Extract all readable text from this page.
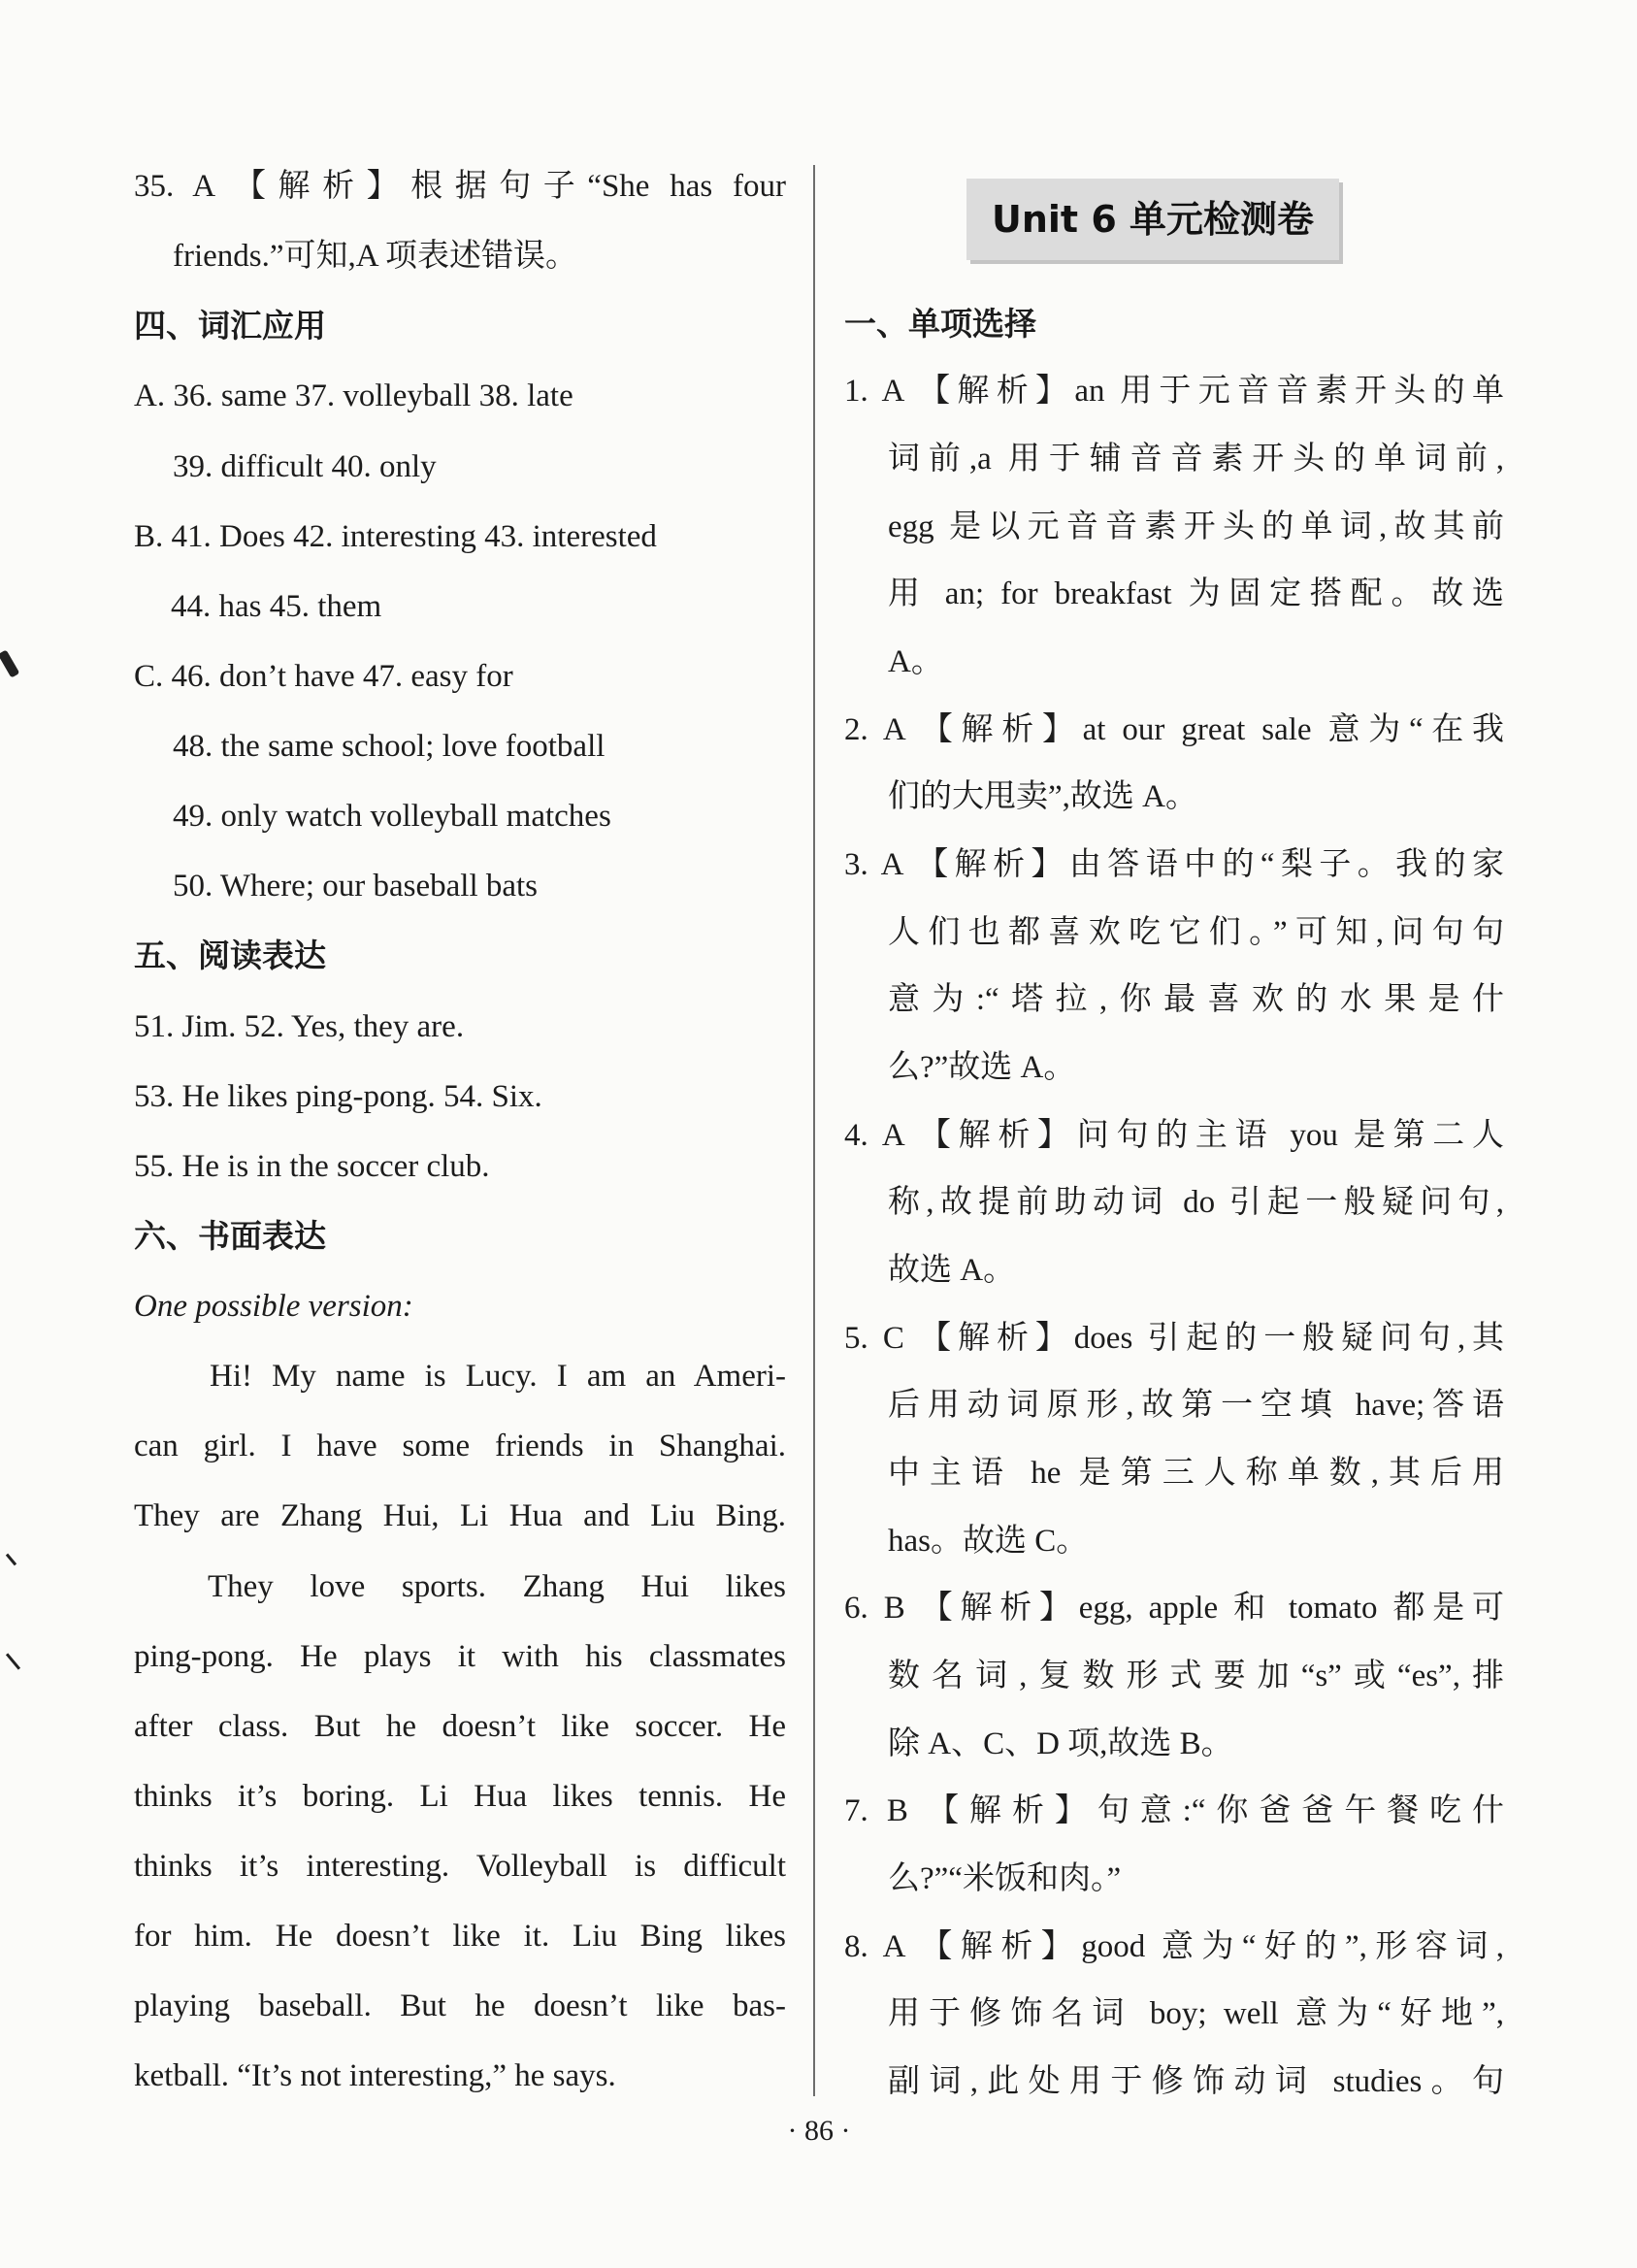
35. A 【解析】根据句子“She has four
friends.”可知,A 项表述错误。
四、词汇应用
A. 36. same 37. volleyball 38. late
39. difficult 40. only
B. 41. Does 42. interesting 43. interested
44. has 45. them
C. 46. don’t have 47. easy for
48. the same school; love football
49. only watch volleyball matches
50. Where; our baseball bats
五、阅读表达
51. Jim. 52. Yes, they are.
53. He likes ping-pong. 54. Six.
55. He is in the soccer club.
六、书面表达
One possible version:
Hi! My name is Lucy. I am an Ameri-
can girl. I have some friends in Shanghai.
They are Zhang Hui, Li Hua and Liu Bing.
They love sports. Zhang Hui likes
ping-pong. He plays it with his classmates
after class. But he doesn’t like soccer. He
thinks it’s boring. Li Hua likes tennis. He
thinks it’s interesting. Volleyball is difficult
for him. He doesn’t like it. Liu Bing likes
playing baseball. But he doesn’t like bas-
ketball. “It’s not interesting,” he says.
Unit 6 单元检测卷
一、单项选择
1. A 【解析】an 用于元音音素开头的单
词前,a 用于辅音音素开头的单词前,
egg 是以元音音素开头的单词,故其前
用 an; for breakfast 为固定搭配。故选
A。
2. A 【解析】at our great sale 意为“在我
们的大甩卖”,故选 A。
3. A 【解析】由答语中的“梨子。我的家
人们也都喜欢吃它们。”可知,问句句
意为:“塔拉,你最喜欢的水果是什
么?”故选 A。
4. A 【解析】问句的主语 you 是第二人
称,故提前助动词 do 引起一般疑问句,
故选 A。
5. C 【解析】does 引起的一般疑问句,其
后用动词原形,故第一空填 have;答语
中主语 he 是第三人称单数,其后用
has。故选 C。
6. B 【解析】egg, apple 和 tomato 都是可
数名词,复数形式要加“s”或“es”,排
除 A、C、D 项,故选 B。
7. B 【解析】句意:“你爸爸午餐吃什
么?”“米饭和肉。”
8. A 【解析】good 意为“好的”,形容词,
用于修饰名词 boy; well 意为“好地”,
副词,此处用于修饰动词 studies。句
· 86 ·
